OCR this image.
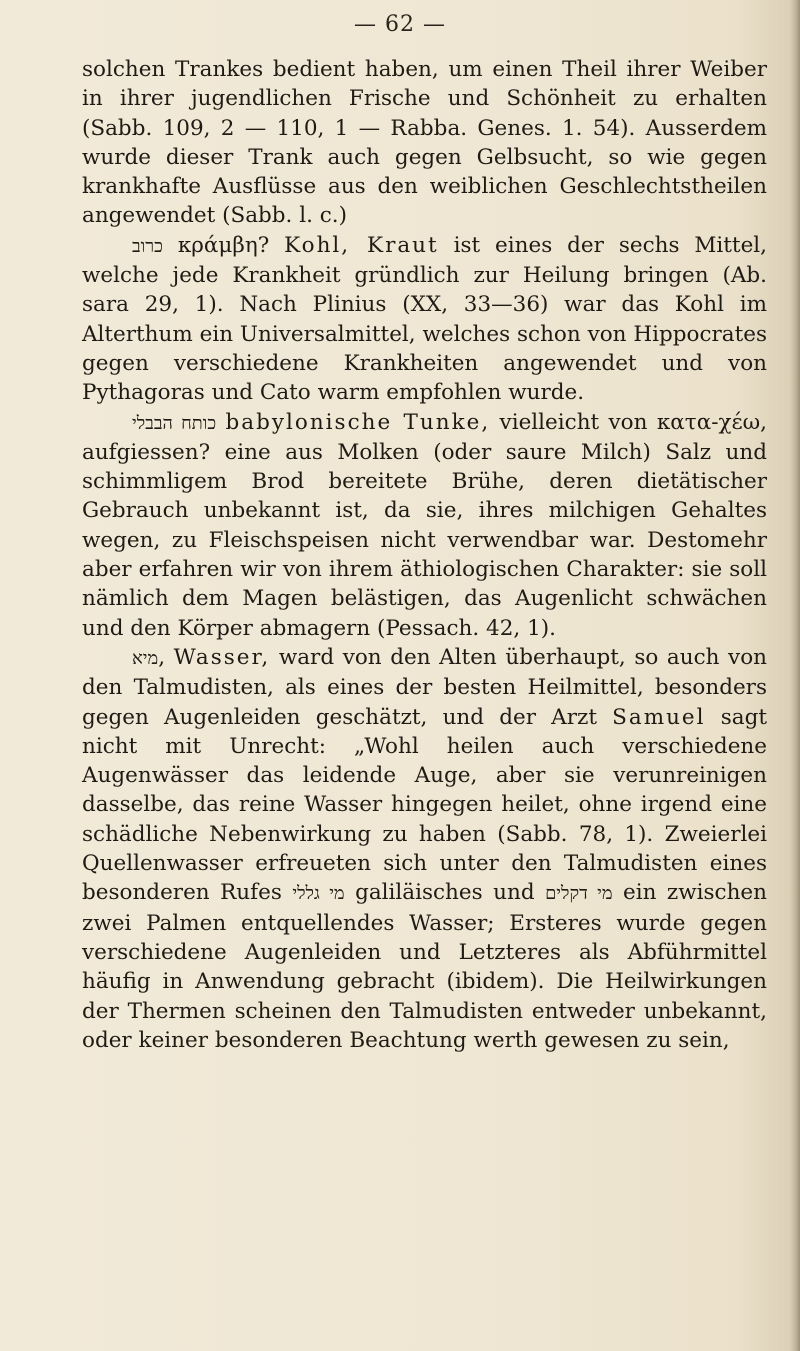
— 62 —

solchen Trankes bedient haben, um einen Theil ihrer Weiber in ihrer jugendlichen Frische und Schönheit zu erhalten (Sabb. 109, 2 — 110, 1 — Rabba. Genes. 1. 54). Ausserdem wurde dieser Trank auch gegen Gelbsucht, so wie gegen krankhafte Ausflüsse aus den weiblichen Geschlechtstheilen angewendet (Sabb. l. c.)

כרוב κράμβη? Kohl, Kraut ist eines der sechs Mittel, welche jede Krankheit gründlich zur Heilung bringen (Ab. sara 29, 1). Nach Plinius (XX, 33—36) war das Kohl im Alterthum ein Universalmittel, welches schon von Hippocrates gegen verschiedene Krankheiten angewendet und von Pythagoras und Cato warm empfohlen wurde.

כותח הבבלי babylonische Tunke, vielleicht von κατα-χέω, aufgiessen? eine aus Molken (oder saure Milch) Salz und schimmligem Brod bereitete Brühe, deren dietätischer Gebrauch unbekannt ist, da sie, ihres milchigen Gehaltes wegen, zu Fleischspeisen nicht verwendbar war. Destomehr aber erfahren wir von ihrem äthiologischen Charakter: sie soll nämlich dem Magen belästigen, das Augenlicht schwächen und den Körper abmagern (Pessach. 42, 1).

מיא, Wasser, ward von den Alten überhaupt, so auch von den Talmudisten, als eines der besten Heilmittel, besonders gegen Augenleiden geschätzt, und der Arzt Samuel sagt nicht mit Unrecht: „Wohl heilen auch verschiedene Augenwässer das leidende Auge, aber sie verunreinigen dasselbe, das reine Wasser hingegen heilet, ohne irgend eine schädliche Nebenwirkung zu haben (Sabb. 78, 1). Zweierlei Quellenwasser erfreueten sich unter den Talmudisten eines besonderen Rufes מי גללי galiläisches und מי דקלים ein zwischen zwei Palmen entquellendes Wasser; Ersteres wurde gegen verschiedene Augenleiden und Letzteres als Abführmittel häufig in Anwendung gebracht (ibidem). Die Heilwirkungen der Thermen scheinen den Talmudisten entweder unbekannt, oder keiner besonderen Beachtung werth gewesen zu sein,
